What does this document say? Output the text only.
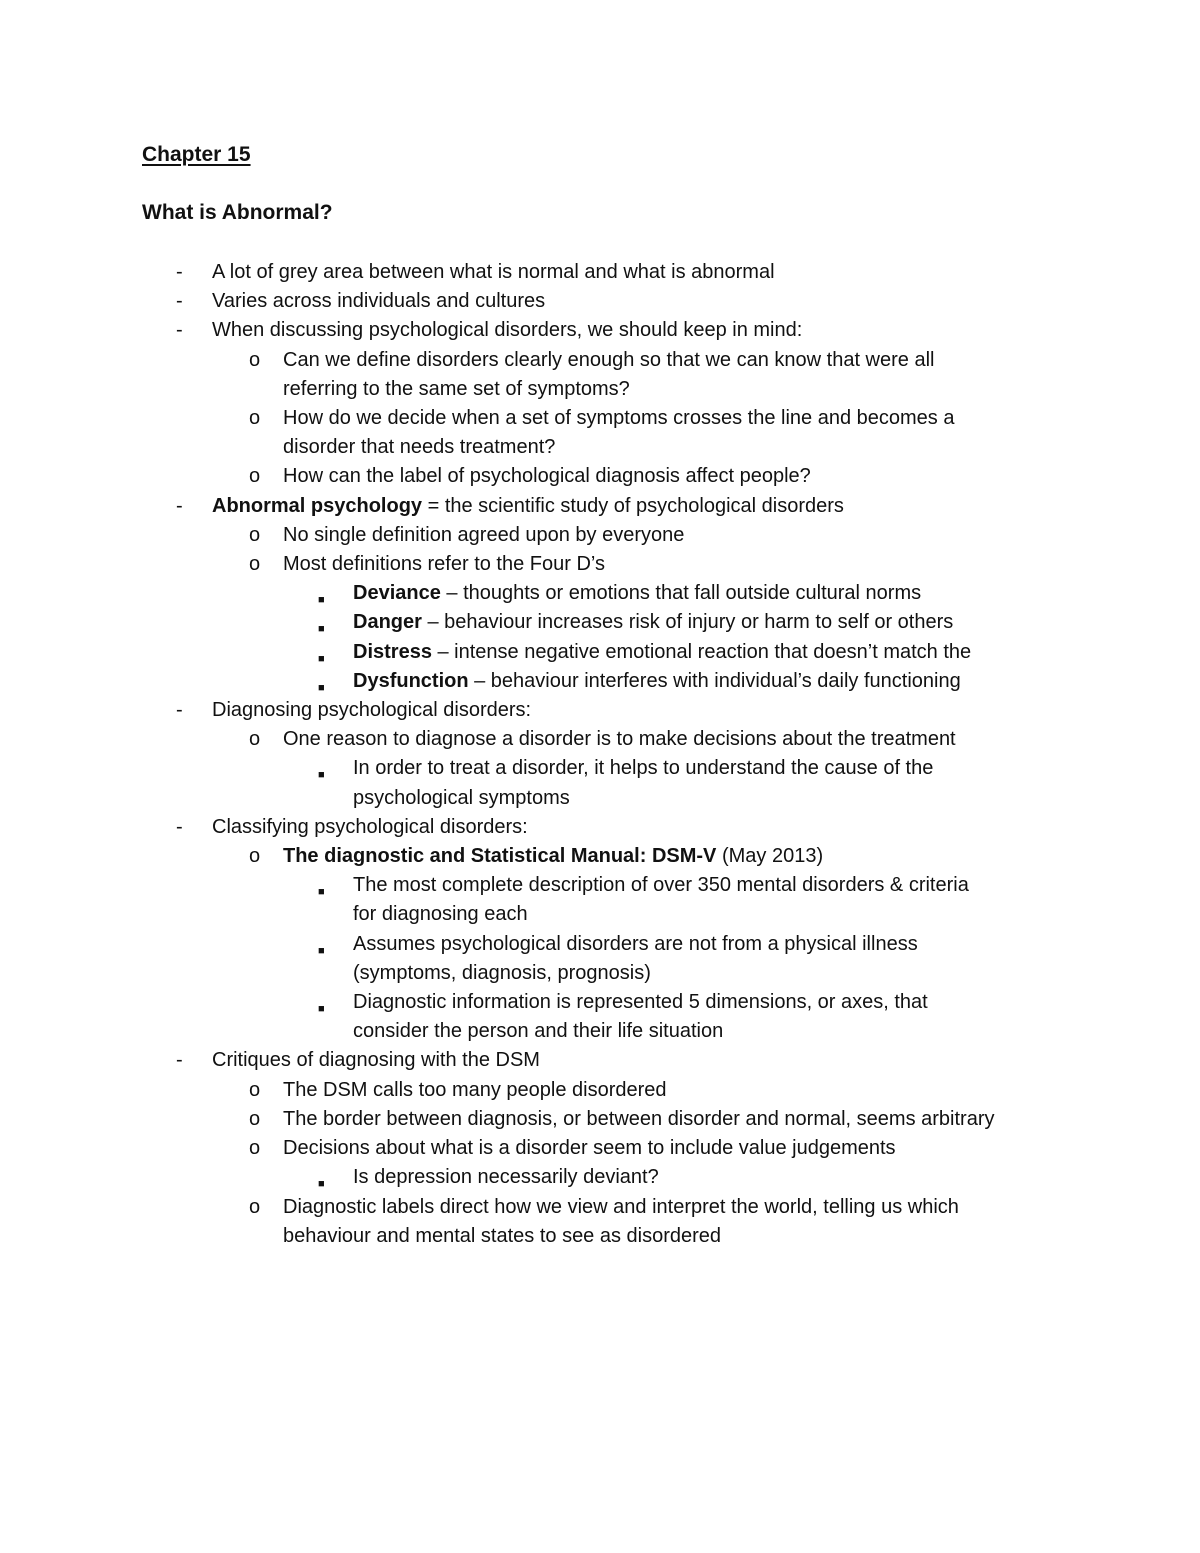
Chapter 15
What is Abnormal?
- A lot of grey area between what is normal and what is abnormal
- Varies across individuals and cultures
- When discussing psychological disorders, we should keep in mind:
o Can we define disorders clearly enough so that we can know that were all
referring to the same set of symptoms?
o How do we decide when a set of symptoms crosses the line and becomes a
disorder that needs treatment?
o How can the label of psychological diagnosis affect people?
- Abnormal psychology = the scientific study of psychological disorders
o No single definition agreed upon by everyone
o Most definitions refer to the Four D’s
■ Deviance – thoughts or emotions that fall outside cultural norms
■ Danger – behaviour increases risk of injury or harm to self or others
■ Distress – intense negative emotional reaction that doesn’t match the
■ Dysfunction – behaviour interferes with individual’s daily functioning
- Diagnosing psychological disorders:
o One reason to diagnose a disorder is to make decisions about the treatment
■ In order to treat a disorder, it helps to understand the cause of the
psychological symptoms
- Classifying psychological disorders:
o The diagnostic and Statistical Manual: DSM-V (May 2013)
■ The most complete description of over 350 mental disorders & criteria
for diagnosing each
■ Assumes psychological disorders are not from a physical illness
(symptoms, diagnosis, prognosis)
■ Diagnostic information is represented 5 dimensions, or axes, that
consider the person and their life situation
- Critiques of diagnosing with the DSM
o The DSM calls too many people disordered
o The border between diagnosis, or between disorder and normal, seems arbitrary
o Decisions about what is a disorder seem to include value judgements
■ Is depression necessarily deviant?
o Diagnostic labels direct how we view and interpret the world, telling us which
behaviour and mental states to see as disordered
